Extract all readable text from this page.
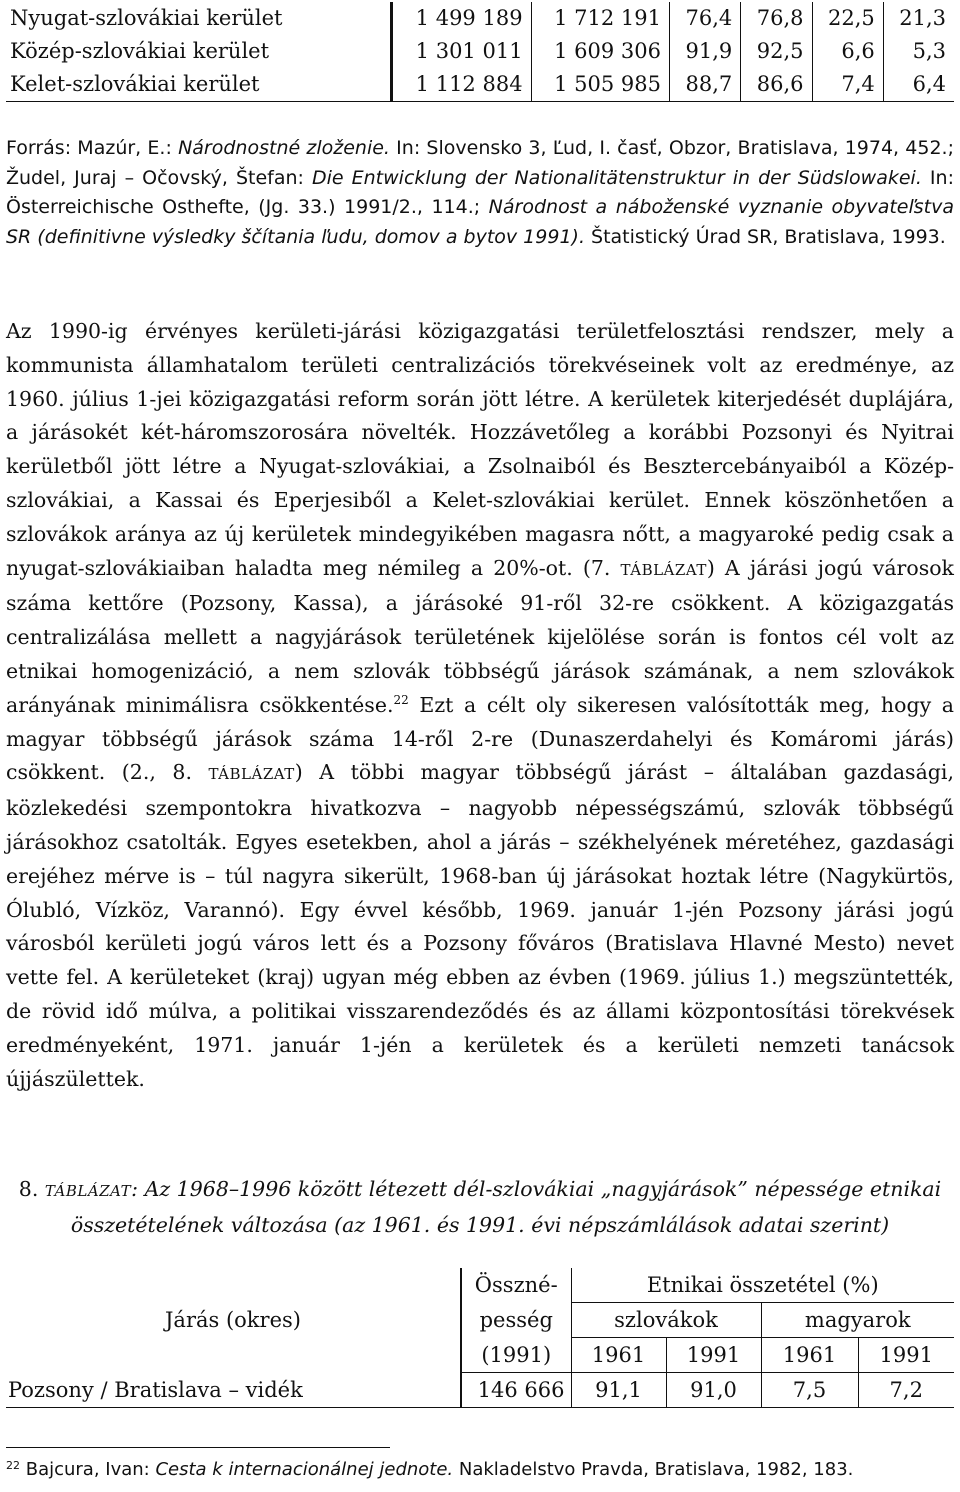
Nyugat-szlovákiai kerület	1 499 189	1 712 191	76,4	76,8	22,5	21,3
Közép-szlovákiai kerület	1 301 011	1 609 306	91,9	92,5	6,6	5,3
Kelet-szlovákiai kerület	1 112 884	1 505 985	88,7	86,6	7,4	6,4
Forrás: Mazúr, E.: Národnostné zloženie. In: Slovensko 3, Ľud, I. časť, Obzor, Bratislava, 1974, 452.; Žudel, Juraj – Očovský, Štefan: Die Entwicklung der Nationalitätenstruktur in der Südslowakei. In: Österreichische Osthefte, (Jg. 33.) 1991/2., 114.; Národnost a náboženské vyznanie obyvateľstva SR (definitivne výsledky ščítania ľudu, domov a bytov 1991). Štatistický Úrad SR, Bratislava, 1993.
Az 1990-ig érvényes kerületi-járási közigazgatási területfelosztási rendszer, mely a kommunista államhatalom területi centralizációs törekvéseinek volt az eredménye, az 1960. július 1-jei közigazgatási reform során jött létre. A kerületek kiterjedését duplájára, a járásokét két-háromszorosára növelték. Hozzávetőleg a korábbi Pozsonyi és Nyitrai kerületből jött létre a Nyugat-szlovákiai, a Zsolnaiból és Besztercebányaiból a Közép-szlovákiai, a Kassai és Eperjesiből a Kelet-szlovákiai kerület. Ennek köszönhetően a szlovákok aránya az új kerületek mindegyikében magasra nőtt, a magyaroké pedig csak a nyugat-szlovákiaiban haladta meg némileg a 20%-ot. (7. TÁBLÁZAT) A járási jogú városok száma kettőre (Pozsony, Kassa), a járásoké 91-ről 32-re csökkent. A közigazgatás centralizálása mellett a nagyjárások területének kijelölése során is fontos cél volt az etnikai homogenizáció, a nem szlovák többségű járások számának, a nem szlovákok arányának minimálisra csökkentése.$^{22}$ Ezt a célt oly sikeresen valósították meg, hogy a magyar többségű járások száma 14-ről 2-re (Dunaszerdahelyi és Komáromi járás) csökkent. (2., 8. TÁBLÁZAT) A többi magyar többségű járást – általában gazdasági, közlekedési szempontokra hivatkozva – nagyobb népességszámú, szlovák többségű járásokhoz csatolták. Egyes esetekben, ahol a járás – székhelyének méretéhez, gazdasági erejéhez mérve is – túl nagyra sikerült, 1968-ban új járásokat hoztak létre (Nagykürtös, Ólubló, Vízköz, Varannó). Egy évvel később, 1969. január 1-jén Pozsony járási jogú városból kerületi jogú város lett és a Pozsony főváros (Bratislava Hlavné Mesto) nevet vette fel. A kerületeket (kraj) ugyan még ebben az évben (1969. július 1.) megszüntették, de rövid idő múlva, a politikai visszarendeződés és az állami központosítási törekvések eredményeként, 1971. január 1-jén a kerületek és a kerületi nemzeti tanácsok újjászülettek.
8. TÁBLÁZAT: Az 1968–1996 között létezett dél-szlovákiai „nagyjárások” népessége etnikai összetételének változása (az 1961. és 1991. évi népszámlálások adatai szerint)
Járás (okres)	Összné-	Etnikai összetétel (%)			
	pesség	szlovákok		magyarok	
	(1991)	1961	1991	1961	1991
Pozsony / Bratislava – vidék	146 666	91,1	91,0	7,5	7,2
$^{22}$ Bajcura, Ivan: Cesta k internacionálnej jednote. Nakladelstvo Pravda, Bratislava, 1982, 183.
